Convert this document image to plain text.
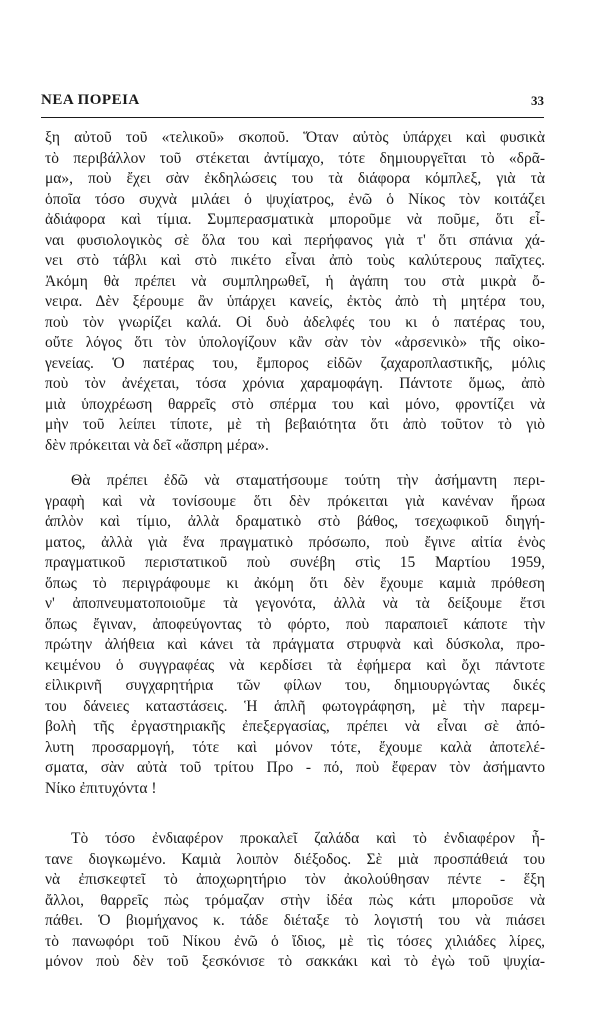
ΝΕΑ ΠΟΡΕΙΑ	33

ξη αὐτοῦ τοῦ «τελικοῦ» σκοποῦ. Ὅταν αὐτὸς ὑπάρχει καὶ φυσικὰ

τὸ περιβάλλον τοῦ στέκεται ἀντίμαχο, τότε δημιουργεῖται τὸ «δρᾶ-

μα», ποὺ ἔχει σὰν ἐκδηλώσεις του τὰ διάφορα κόμπλεξ, γιὰ τὰ

ὁποῖα τόσο συχνὰ μιλάει ὁ ψυχίατρος, ἐνῶ ὁ Νίκος τὸν κοιτάζει

ἀδιάφορα καὶ τίμια. Συμπερασματικὰ μποροῦμε νὰ ποῦμε, ὅτι εἶ-

ναι φυσιολογικὸς σὲ ὅλα του καὶ περήφανος γιὰ τ' ὅτι σπάνια χά-

νει στὸ τάβλι καὶ στὸ πικέτο εἶναι ἀπὸ τοὺς καλύτερους παῖχτες.

Ἀκόμη θὰ πρέπει νὰ συμπληρωθεῖ, ἡ ἀγάπη του στὰ μικρὰ ὄ-

νειρα. Δὲν ξέρουμε ἂν ὑπάρχει κανείς, ἐκτὸς ἀπὸ τὴ μητέρα του,

ποὺ τὸν γνωρίζει καλά. Οἱ δυὸ ἀδελφές του κι ὁ πατέρας του,

οὔτε λόγος ὅτι τὸν ὑπολογίζουν κἂν σὰν τὸν «ἀρσενικὸ» τῆς οἰκο-

γενείας. Ὁ πατέρας του, ἔμπορος εἰδῶν ζαχαροπλαστικῆς, μόλις

ποὺ τὸν ἀνέχεται, τόσα χρόνια χαραμοφάγη. Πάντοτε ὅμως, ἀπὸ

μιὰ ὑποχρέωση θαρρεῖς στὸ σπέρμα του καὶ μόνο, φροντίζει νὰ

μὴν τοῦ λείπει τίποτε, μὲ τὴ βεβαιότητα ὅτι ἀπὸ τοῦτον τὸ γιὸ

δὲν πρόκειται νὰ δεῖ «ἄσπρη μέρα».

Θὰ πρέπει ἐδῶ νὰ σταματήσουμε τούτη τὴν ἀσήμαντη περι-

γραφὴ καὶ νὰ τονίσουμε ὅτι δὲν πρόκειται γιὰ κανέναν ἥρωα

ἁπλὸν καὶ τίμιο, ἀλλὰ δραματικὸ στὸ βάθος, τσεχωφικοῦ διηγή-

ματος, ἀλλὰ γιὰ ἕνα πραγματικὸ πρόσωπο, ποὺ ἔγινε αἰτία ἑνὸς

πραγματικοῦ περιστατικοῦ ποὺ συνέβη στὶς 15 Μαρτίου 1959,

ὅπως τὸ περιγράφουμε κι ἀκόμη ὅτι δὲν ἔχουμε καμιὰ πρόθεση

ν' ἀποπνευματοποιοῦμε τὰ γεγονότα, ἀλλὰ νὰ τὰ δείξουμε ἔτσι

ὅπως ἔγιναν, ἀποφεύγοντας τὸ φόρτο, ποὺ παραποιεῖ κάποτε τὴν

πρώτην ἀλήθεια καὶ κάνει τὰ πράγματα στρυφνὰ καὶ δύσκολα, προ-

κειμένου ὁ συγγραφέας νὰ κερδίσει τὰ ἐφήμερα καὶ ὄχι πάντοτε

εἰλικρινῆ συγχαρητήρια τῶν φίλων του, δημιουργώντας δικές

του δάνειες καταστάσεις. Ἡ ἁπλῆ φωτογράφηση, μὲ τὴν παρεμ-

βολὴ τῆς ἐργαστηριακῆς ἐπεξεργασίας, πρέπει νὰ εἶναι σὲ ἀπό-

λυτη προσαρμογή, τότε καὶ μόνον τότε, ἔχουμε καλὰ ἀποτελέ-

σματα, σὰν αὐτὰ τοῦ τρίτου Προ - πό, ποὺ ἔφεραν τὸν ἀσήμαντο

Νίκο ἐπιτυχόντα !

Τὸ τόσο ἐνδιαφέρον προκαλεῖ ζαλάδα καὶ τὸ ἐνδιαφέρον ἦ-

τανε διογκωμένο. Καμιὰ λοιπὸν διέξοδος. Σὲ μιὰ προσπάθειά του

νὰ ἐπισκεφτεῖ τὸ ἀποχωρητήριο τὸν ἀκολούθησαν πέντε - ἕξη

ἄλλοι, θαρρεῖς πὼς τρόμαζαν στὴν ἰδέα πὼς κάτι μποροῦσε νὰ

πάθει. Ὁ βιομήχανος κ. τάδε διέταξε τὸ λογιστή του νὰ πιάσει

τὸ πανωφόρι τοῦ Νίκου ἐνῶ ὁ ἴδιος, μὲ τὶς τόσες χιλιάδες λίρες,

μόνον ποὺ δὲν τοῦ ξεσκόνισε τὸ σακκάκι καὶ τὸ ἐγὼ τοῦ ψυχία-
